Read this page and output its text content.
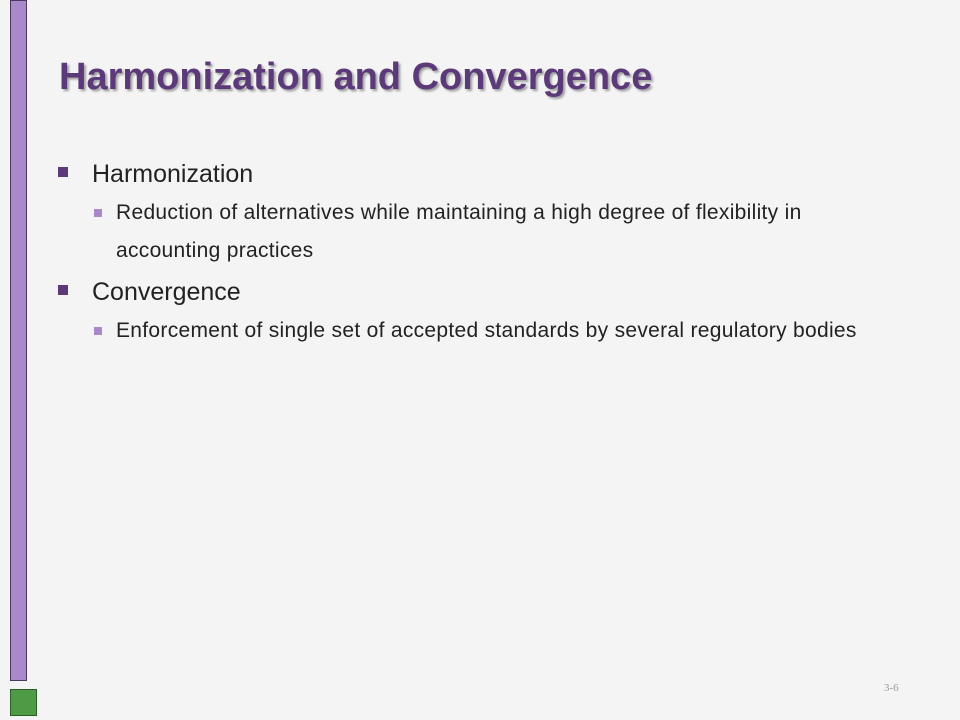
Harmonization and Convergence
Harmonization
Reduction of alternatives while maintaining a high degree of flexibility in accounting practices
Convergence
Enforcement of single set of accepted standards by several regulatory bodies
3-6
